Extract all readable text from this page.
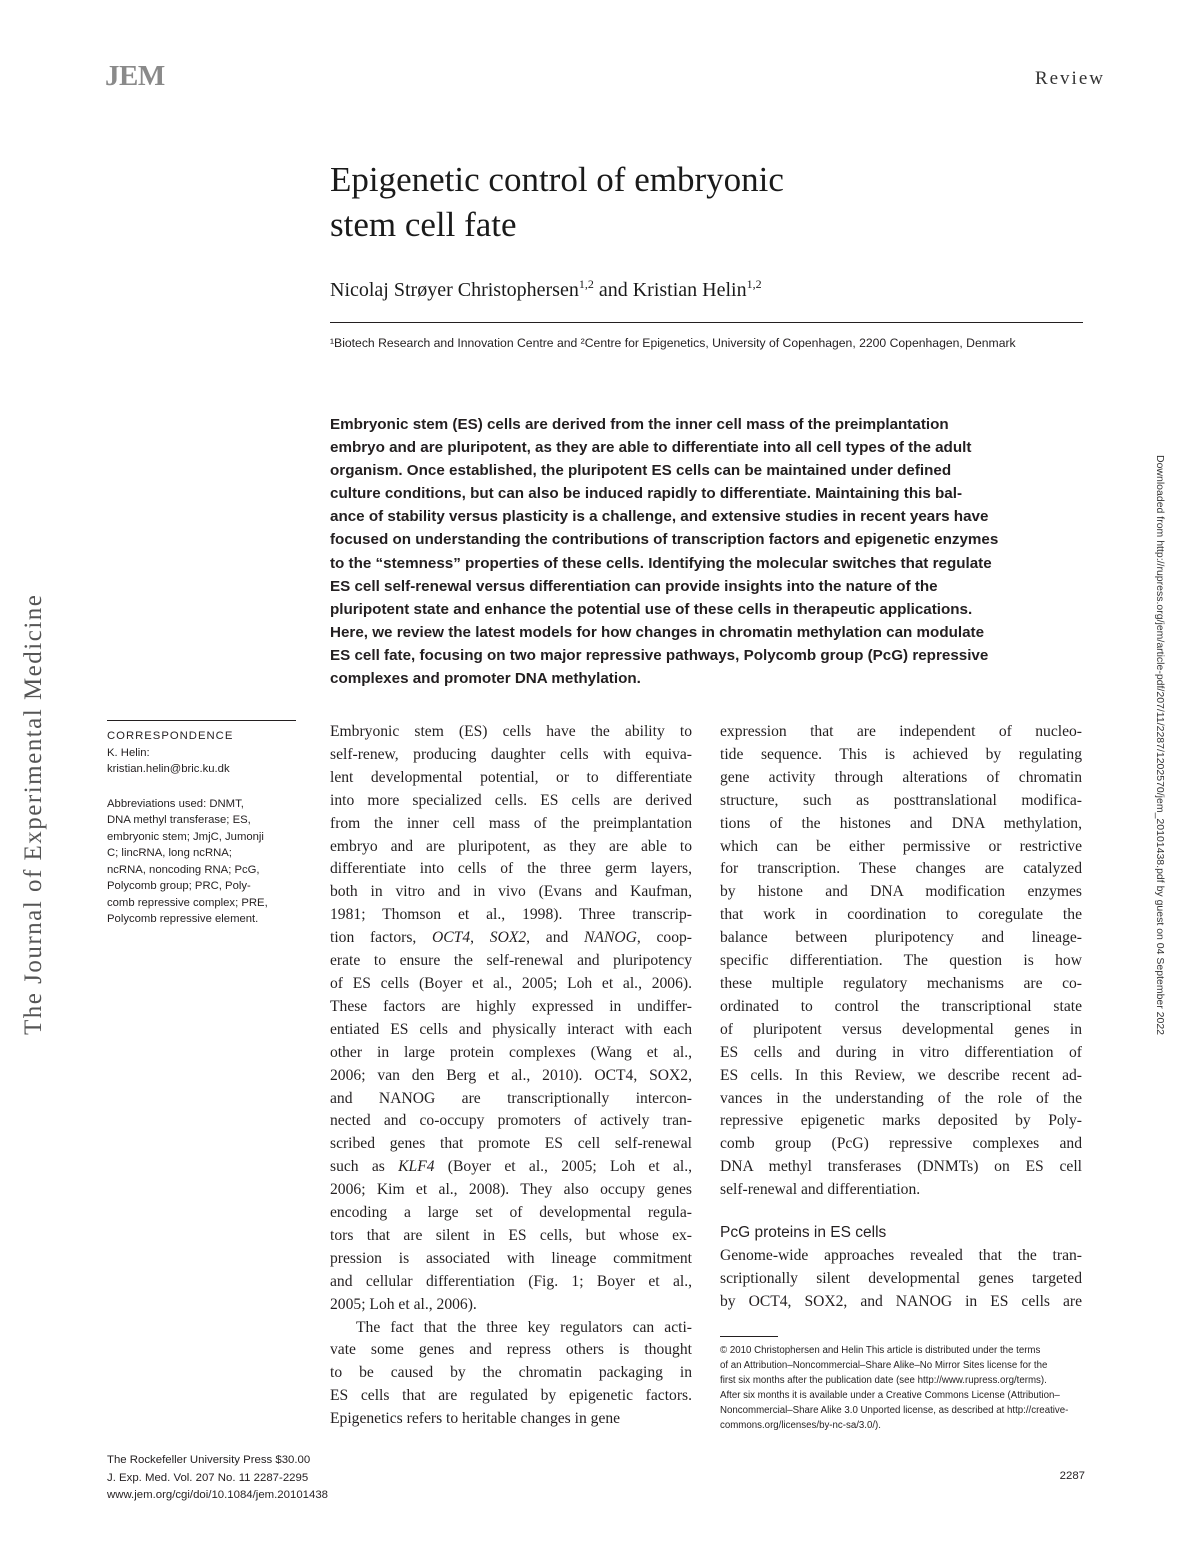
JEM	Review
The Journal of Experimental Medicine	Downloaded from http://rupress.org/jem/article-pdf/207/11/2287/1202570/jem_20101438.pdf by guest on 04 September 2022
Epigenetic control of embryonic
stem cell fate
Nicolaj Strøyer Christophersen$^{1,2}$ and Kristian Helin$^{1,2}$
¹Biotech Research and Innovation Centre and ²Centre for Epigenetics, University of Copenhagen, 2200 Copenhagen, Denmark
Embryonic stem (ES) cells are derived from the inner cell mass of the preimplantation
embryo and are pluripotent, as they are able to differentiate into all cell types of the adult
organism. Once established, the pluripotent ES cells can be maintained under defined
culture conditions, but can also be induced rapidly to differentiate. Maintaining this bal-
ance of stability versus plasticity is a challenge, and extensive studies in recent years have
focused on understanding the contributions of transcription factors and epigenetic enzymes
to the “stemness” properties of these cells. Identifying the molecular switches that regulate
ES cell self-renewal versus differentiation can provide insights into the nature of the
pluripotent state and enhance the potential use of these cells in therapeutic applications.
Here, we review the latest models for how changes in chromatin methylation can modulate
ES cell fate, focusing on two major repressive pathways, Polycomb group (PcG) repressive
complexes and promoter DNA methylation.
CORRESPONDENCE
K. Helin:
kristian.helin@bric.ku.dk
Abbreviations used: DNMT,
DNA methyl transferase; ES,
embryonic stem; JmjC, Jumonji
C; lincRNA, long ncRNA;
ncRNA, noncoding RNA; PcG,
Polycomb group; PRC, Poly-
comb repressive complex; PRE,
Polycomb repressive element.
Embryonic stem (ES) cells have the ability to
self-renew, producing daughter cells with equiva-
lent developmental potential, or to differentiate
into more specialized cells. ES cells are derived
from the inner cell mass of the preimplantation
embryo and are pluripotent, as they are able to
differentiate into cells of the three germ layers,
both in vitro and in vivo (Evans and Kaufman,
1981; Thomson et al., 1998). Three transcrip-
tion factors, OCT4, SOX2, and NANOG, coop-
erate to ensure the self-renewal and pluripotency
of ES cells (Boyer et al., 2005; Loh et al., 2006).
These factors are highly expressed in undiffer-
entiated ES cells and physically interact with each
other in large protein complexes (Wang et al.,
2006; van den Berg et al., 2010). OCT4, SOX2,
and NANOG are transcriptionally intercon-
nected and co-occupy promoters of actively tran-
scribed genes that promote ES cell self-renewal
such as KLF4 (Boyer et al., 2005; Loh et al.,
2006; Kim et al., 2008). They also occupy genes
encoding a large set of developmental regula-
tors that are silent in ES cells, but whose ex-
pression is associated with lineage commitment
and cellular differentiation (Fig. 1; Boyer et al.,
2005; Loh et al., 2006).
The fact that the three key regulators can acti-
vate some genes and repress others is thought
to be caused by the chromatin packaging in
ES cells that are regulated by epigenetic factors.
Epigenetics refers to heritable changes in gene
expression that are independent of nucleo-
tide sequence. This is achieved by regulating
gene activity through alterations of chromatin
structure, such as posttranslational modifica-
tions of the histones and DNA methylation,
which can be either permissive or restrictive
for transcription. These changes are catalyzed
by histone and DNA modification enzymes
that work in coordination to coregulate the
balance between pluripotency and lineage-
specific differentiation. The question is how
these multiple regulatory mechanisms are co-
ordinated to control the transcriptional state
of pluripotent versus developmental genes in
ES cells and during in vitro differentiation of
ES cells. In this Review, we describe recent ad-
vances in the understanding of the role of the
repressive epigenetic marks deposited by Poly-
comb group (PcG) repressive complexes and
DNA methyl transferases (DNMTs) on ES cell
self-renewal and differentiation.
PcG proteins in ES cells
Genome-wide approaches revealed that the tran-
scriptionally silent developmental genes targeted
by OCT4, SOX2, and NANOG in ES cells are
© 2010 Christophersen and Helin This article is distributed under the terms
of an Attribution–Noncommercial–Share Alike–No Mirror Sites license for the
first six months after the publication date (see http://www.rupress.org/terms).
After six months it is available under a Creative Commons License (Attribution–
Noncommercial–Share Alike 3.0 Unported license, as described at http://creative-
commons.org/licenses/by-nc-sa/3.0/).
The Rockefeller University Press $30.00
J. Exp. Med. Vol. 207 No. 11 2287-2295
www.jem.org/cgi/doi/10.1084/jem.20101438
2287
